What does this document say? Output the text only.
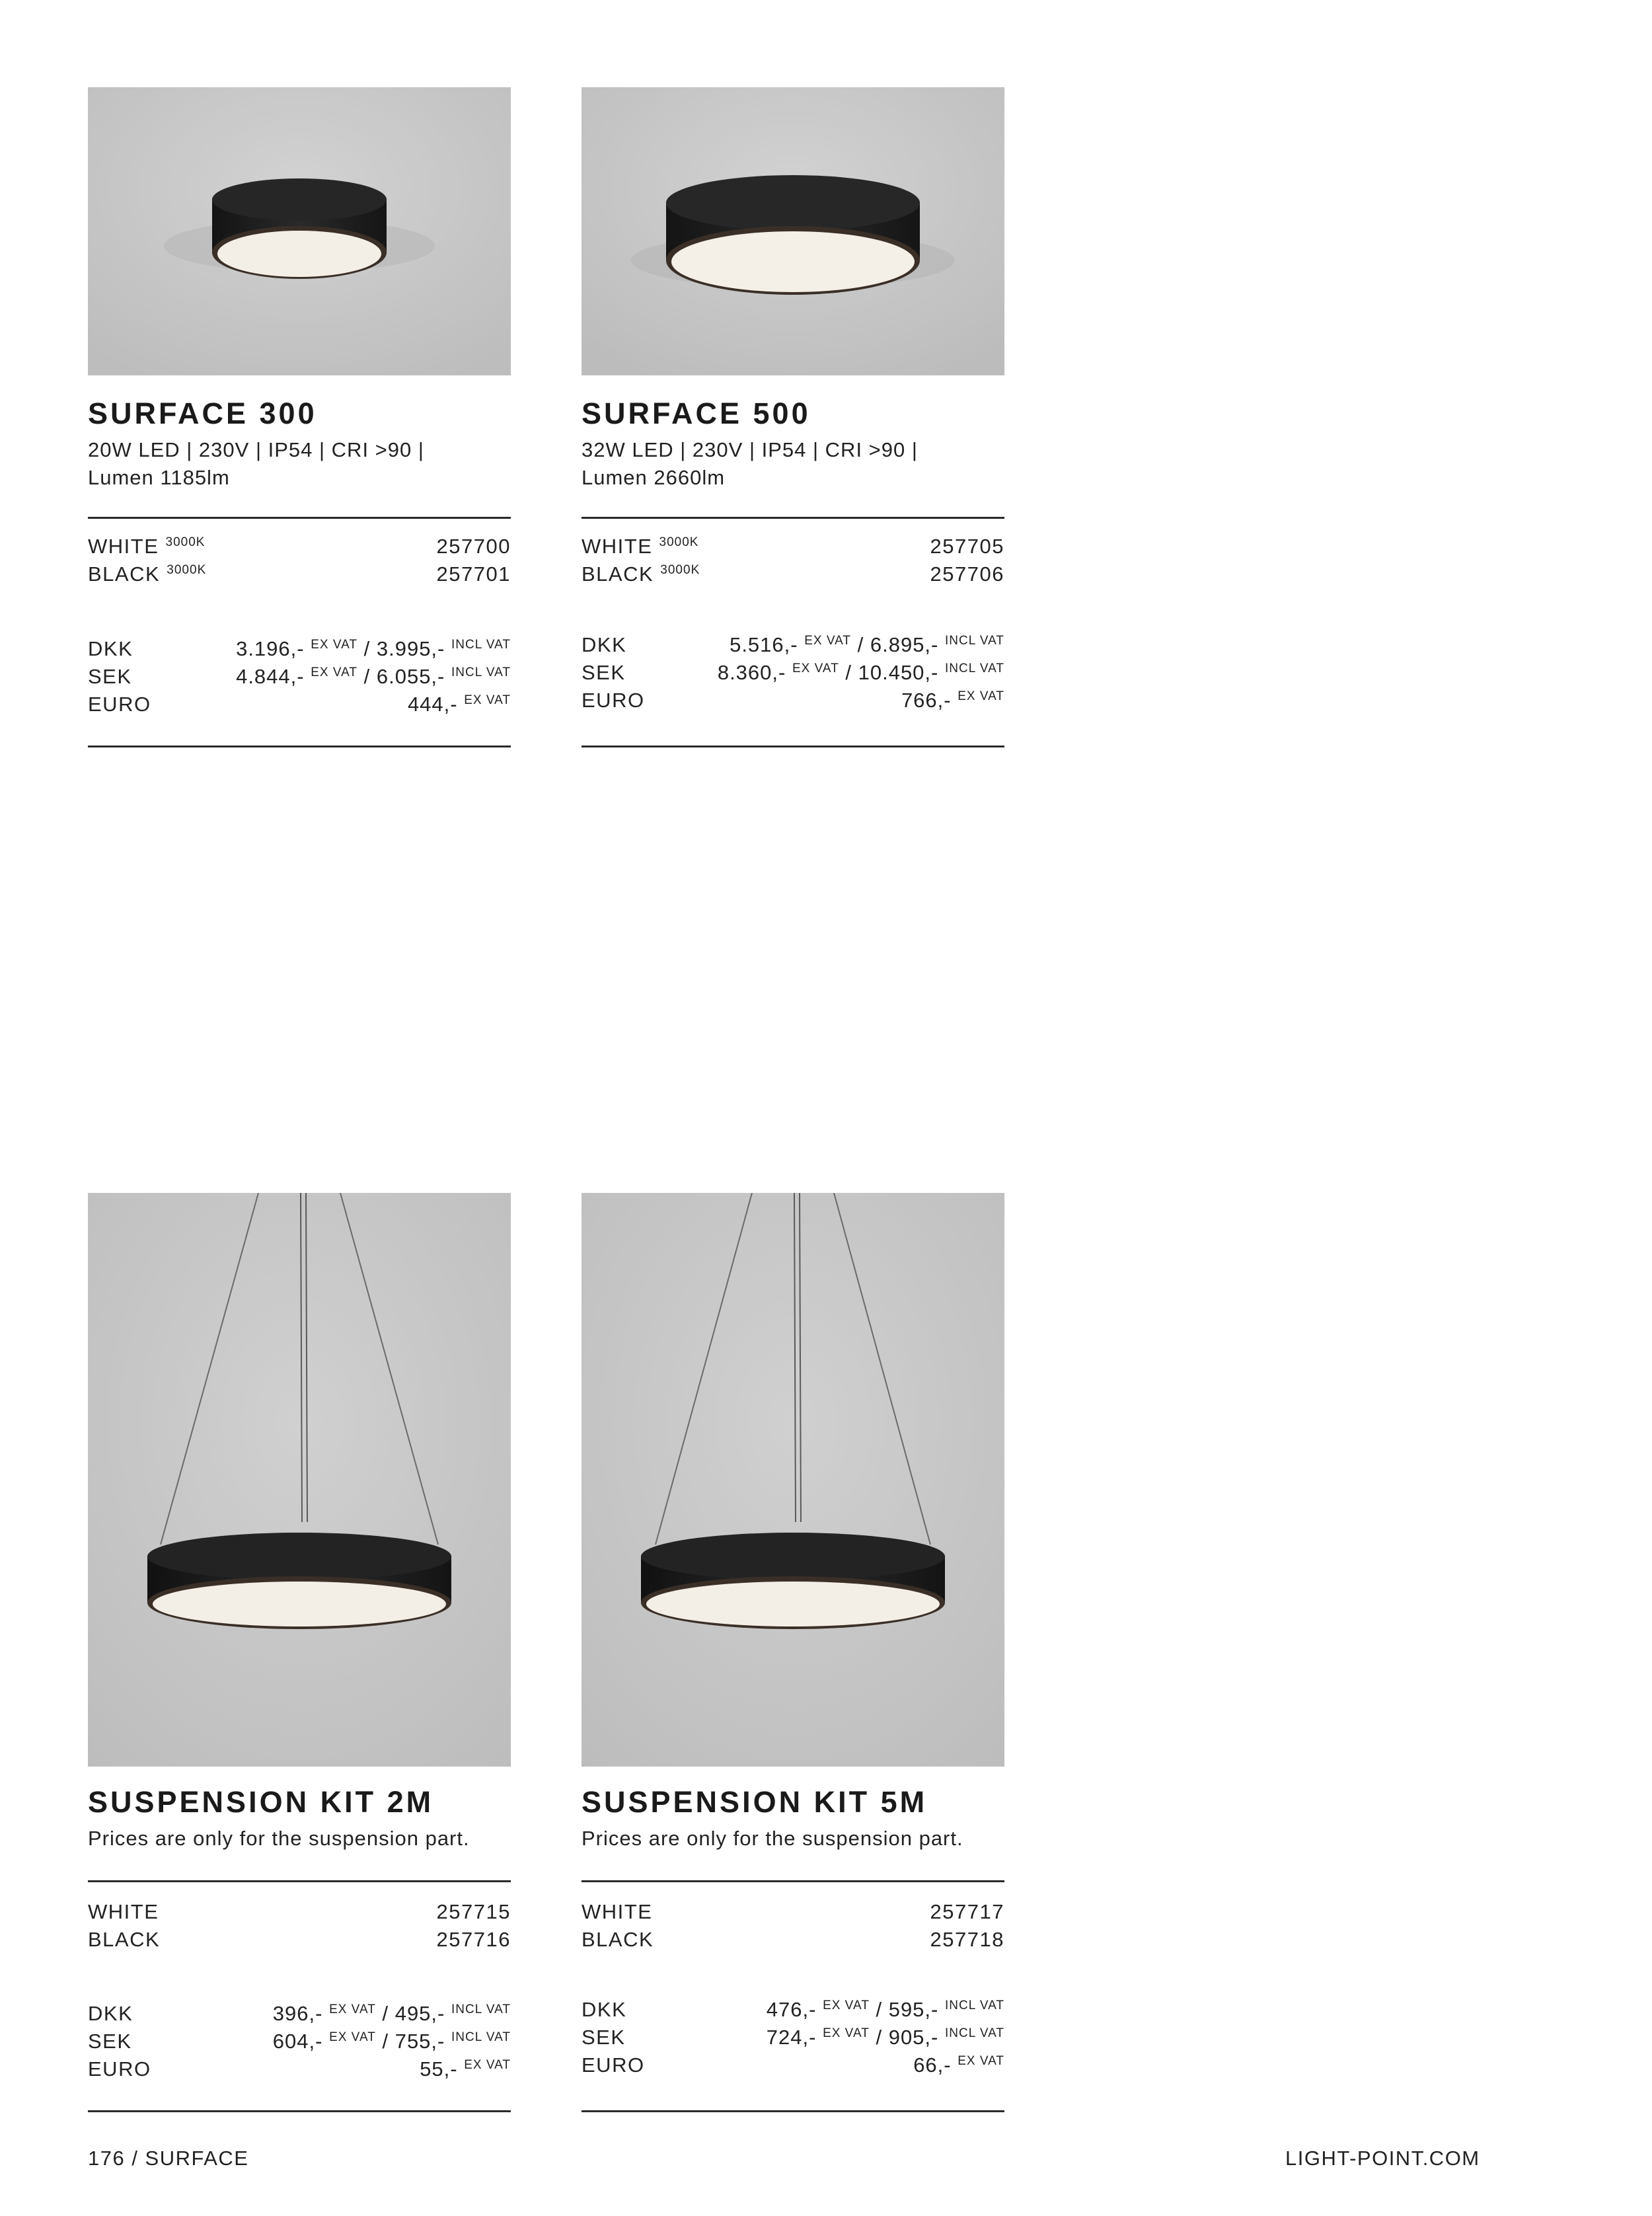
SURFACE 300
20W LED | 230V | IP54 | CRI >90 |
Lumen 1185lm
WHITE $^{3000K}$	257700
BLACK $^{3000K}$	257701
DKK	3.196,- $^{EX VAT}$ / 3.995,- $^{INCL VAT}$
SEK	4.844,- $^{EX VAT}$ / 6.055,- $^{INCL VAT}$
EURO	444,- $^{EX VAT}$
SURFACE 500
32W LED | 230V | IP54 | CRI >90 |
Lumen 2660lm
WHITE $^{3000K}$	257705
BLACK $^{3000K}$	257706
DKK	5.516,- $^{EX VAT}$ / 6.895,- $^{INCL VAT}$
SEK	8.360,- $^{EX VAT}$ / 10.450,- $^{INCL VAT}$
EURO	766,- $^{EX VAT}$
SUSPENSION KIT 2M
Prices are only for the suspension part.
WHITE	257715
BLACK	257716
DKK	396,- $^{EX VAT}$ / 495,- $^{INCL VAT}$
SEK	604,- $^{EX VAT}$ / 755,- $^{INCL VAT}$
EURO	55,- $^{EX VAT}$
SUSPENSION KIT 5M
Prices are only for the suspension part.
WHITE	257717
BLACK	257718
DKK	476,- $^{EX VAT}$ / 595,- $^{INCL VAT}$
SEK	724,- $^{EX VAT}$ / 905,- $^{INCL VAT}$
EURO	66,- $^{EX VAT}$
176 / SURFACE	LIGHT-POINT.COM
